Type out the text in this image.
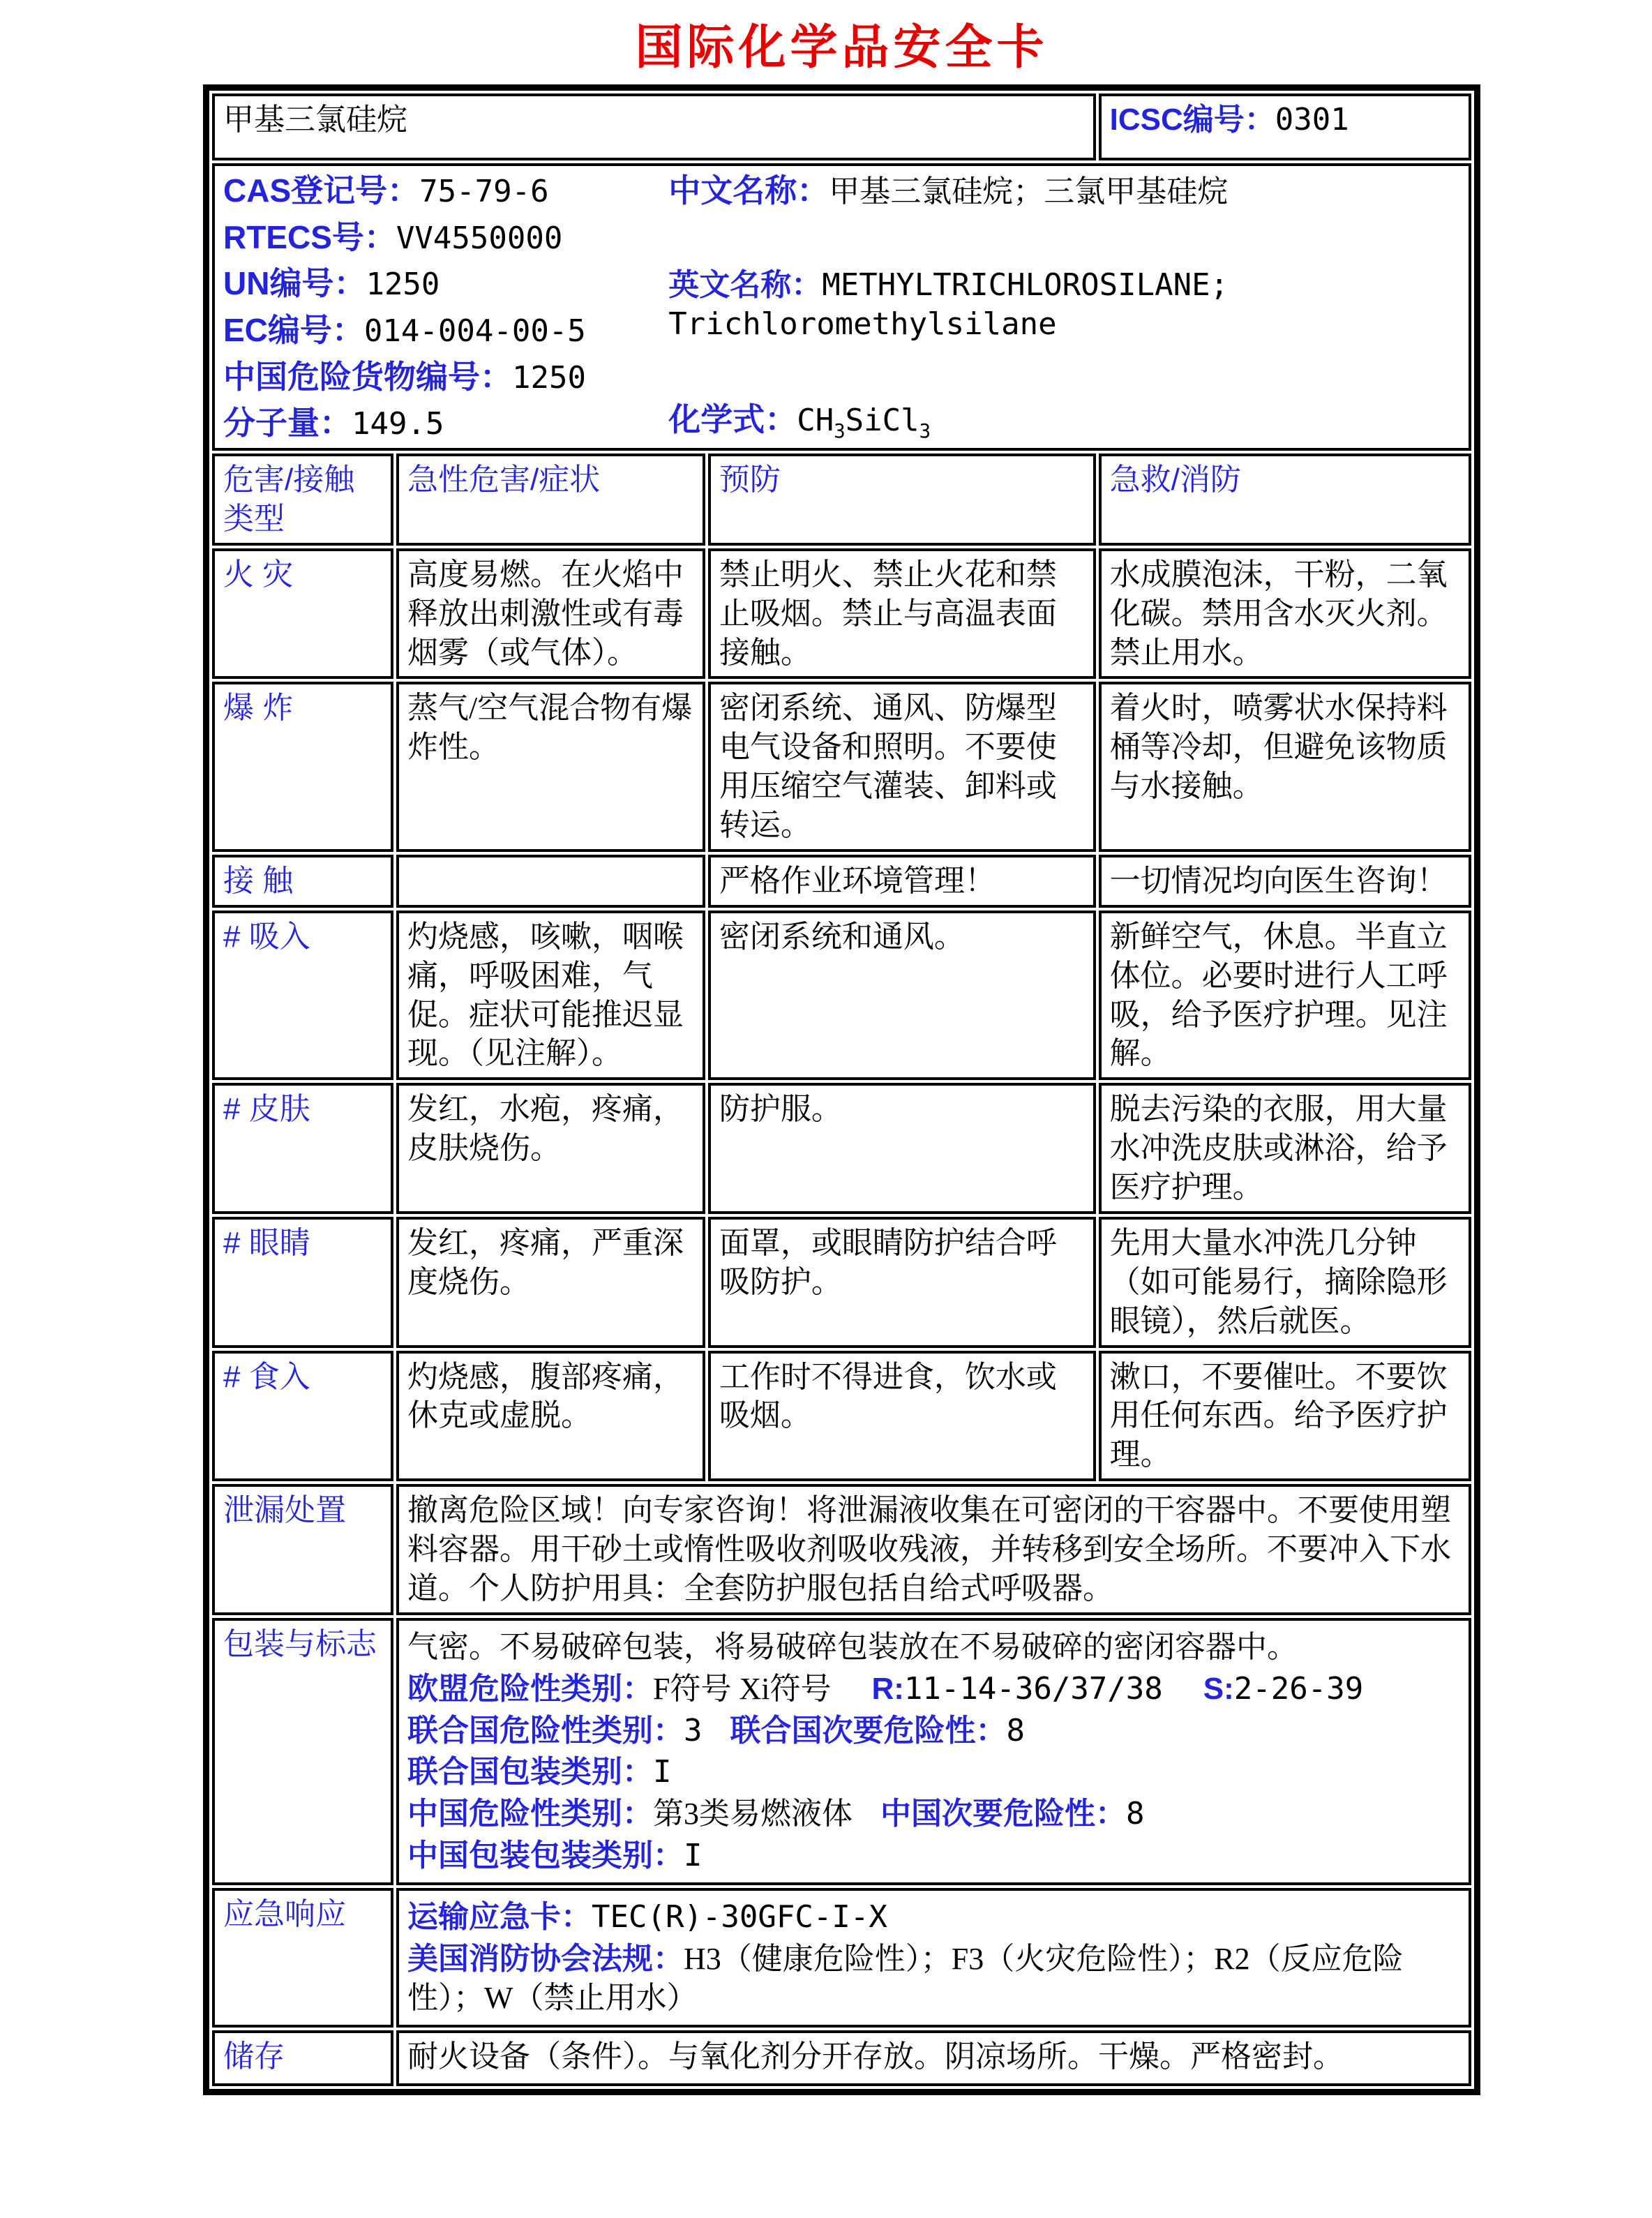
国际化学品安全卡
甲基三氯硅烷			ICSC编号：0301

CAS登记号：75-79-6
RTECS号：VV4550000
UN编号：1250
EC编号：014-004-00-5
中国危险货物编号：1250
分子量：149.5
中文名称：甲基三氯硅烷；三氯甲基硅烷
英文名称：METHYLTRICHLOROSILANE;
Trichloromethylsilane
化学式：$CH_3SiCl_3$

危害/接触
类型	急性危害/症状	预防	急救/消防
火 灾	高度易燃。在火焰中释放出刺激性或有毒烟雾（或气体）。	禁止明火、禁止火花和禁止吸烟。禁止与高温表面接触。	水成膜泡沫，干粉，二氧化碳。禁用含水灭火剂。禁止用水。
爆 炸	蒸气/空气混合物有爆炸性。	密闭系统、通风、防爆型电气设备和照明。不要使用压缩空气灌装、卸料或转运。	着火时，喷雾状水保持料桶等冷却，但避免该物质与水接触。
接 触		严格作业环境管理！	一切情况均向医生咨询！
# 吸入	灼烧感，咳嗽，咽喉痛，呼吸困难，气促。症状可能推迟显现。（见注解）。	密闭系统和通风。	新鲜空气，休息。半直立体位。必要时进行人工呼吸，给予医疗护理。见注解。
# 皮肤	发红，水疱，疼痛，皮肤烧伤。	防护服。	脱去污染的衣服，用大量水冲洗皮肤或淋浴，给予医疗护理。
# 眼睛	发红，疼痛，严重深度烧伤。	面罩，或眼睛防护结合呼吸防护。	先用大量水冲洗几分钟（如可能易行，摘除隐形眼镜），然后就医。
# 食入	灼烧感，腹部疼痛，休克或虚脱。	工作时不得进食，饮水或吸烟。	漱口，不要催吐。不要饮用任何东西。给予医疗护理。
泄漏处置	撤离危险区域！向专家咨询！将泄漏液收集在可密闭的干容器中。不要使用塑料容器。用干砂土或惰性吸收剂吸收残液，并转移到安全场所。不要冲入下水道。个人防护用具：全套防护服包括自给式呼吸器。		
包装与标志	气密。不易破碎包装，将易破碎包装放在不易破碎的密闭容器中。
欧盟危险性类别：F符号 Xi符号 R:11-14-36/37/38 S:2-26-39
联合国危险性类别：3 联合国次要危险性：8
联合国包装类别：I
中国危险性类别：第3类易燃液体 中国次要危险性：8
中国包装包装类别：I

应急响应	运输应急卡：TEC(R)-30GFC-I-X
美国消防协会法规：H3（健康危险性）；F3（火灾危险性）；R2（反应危险性）；W（禁止用水）		

储存	耐火设备（条件）。与氧化剂分开存放。阴凉场所。干燥。严格密封。		
